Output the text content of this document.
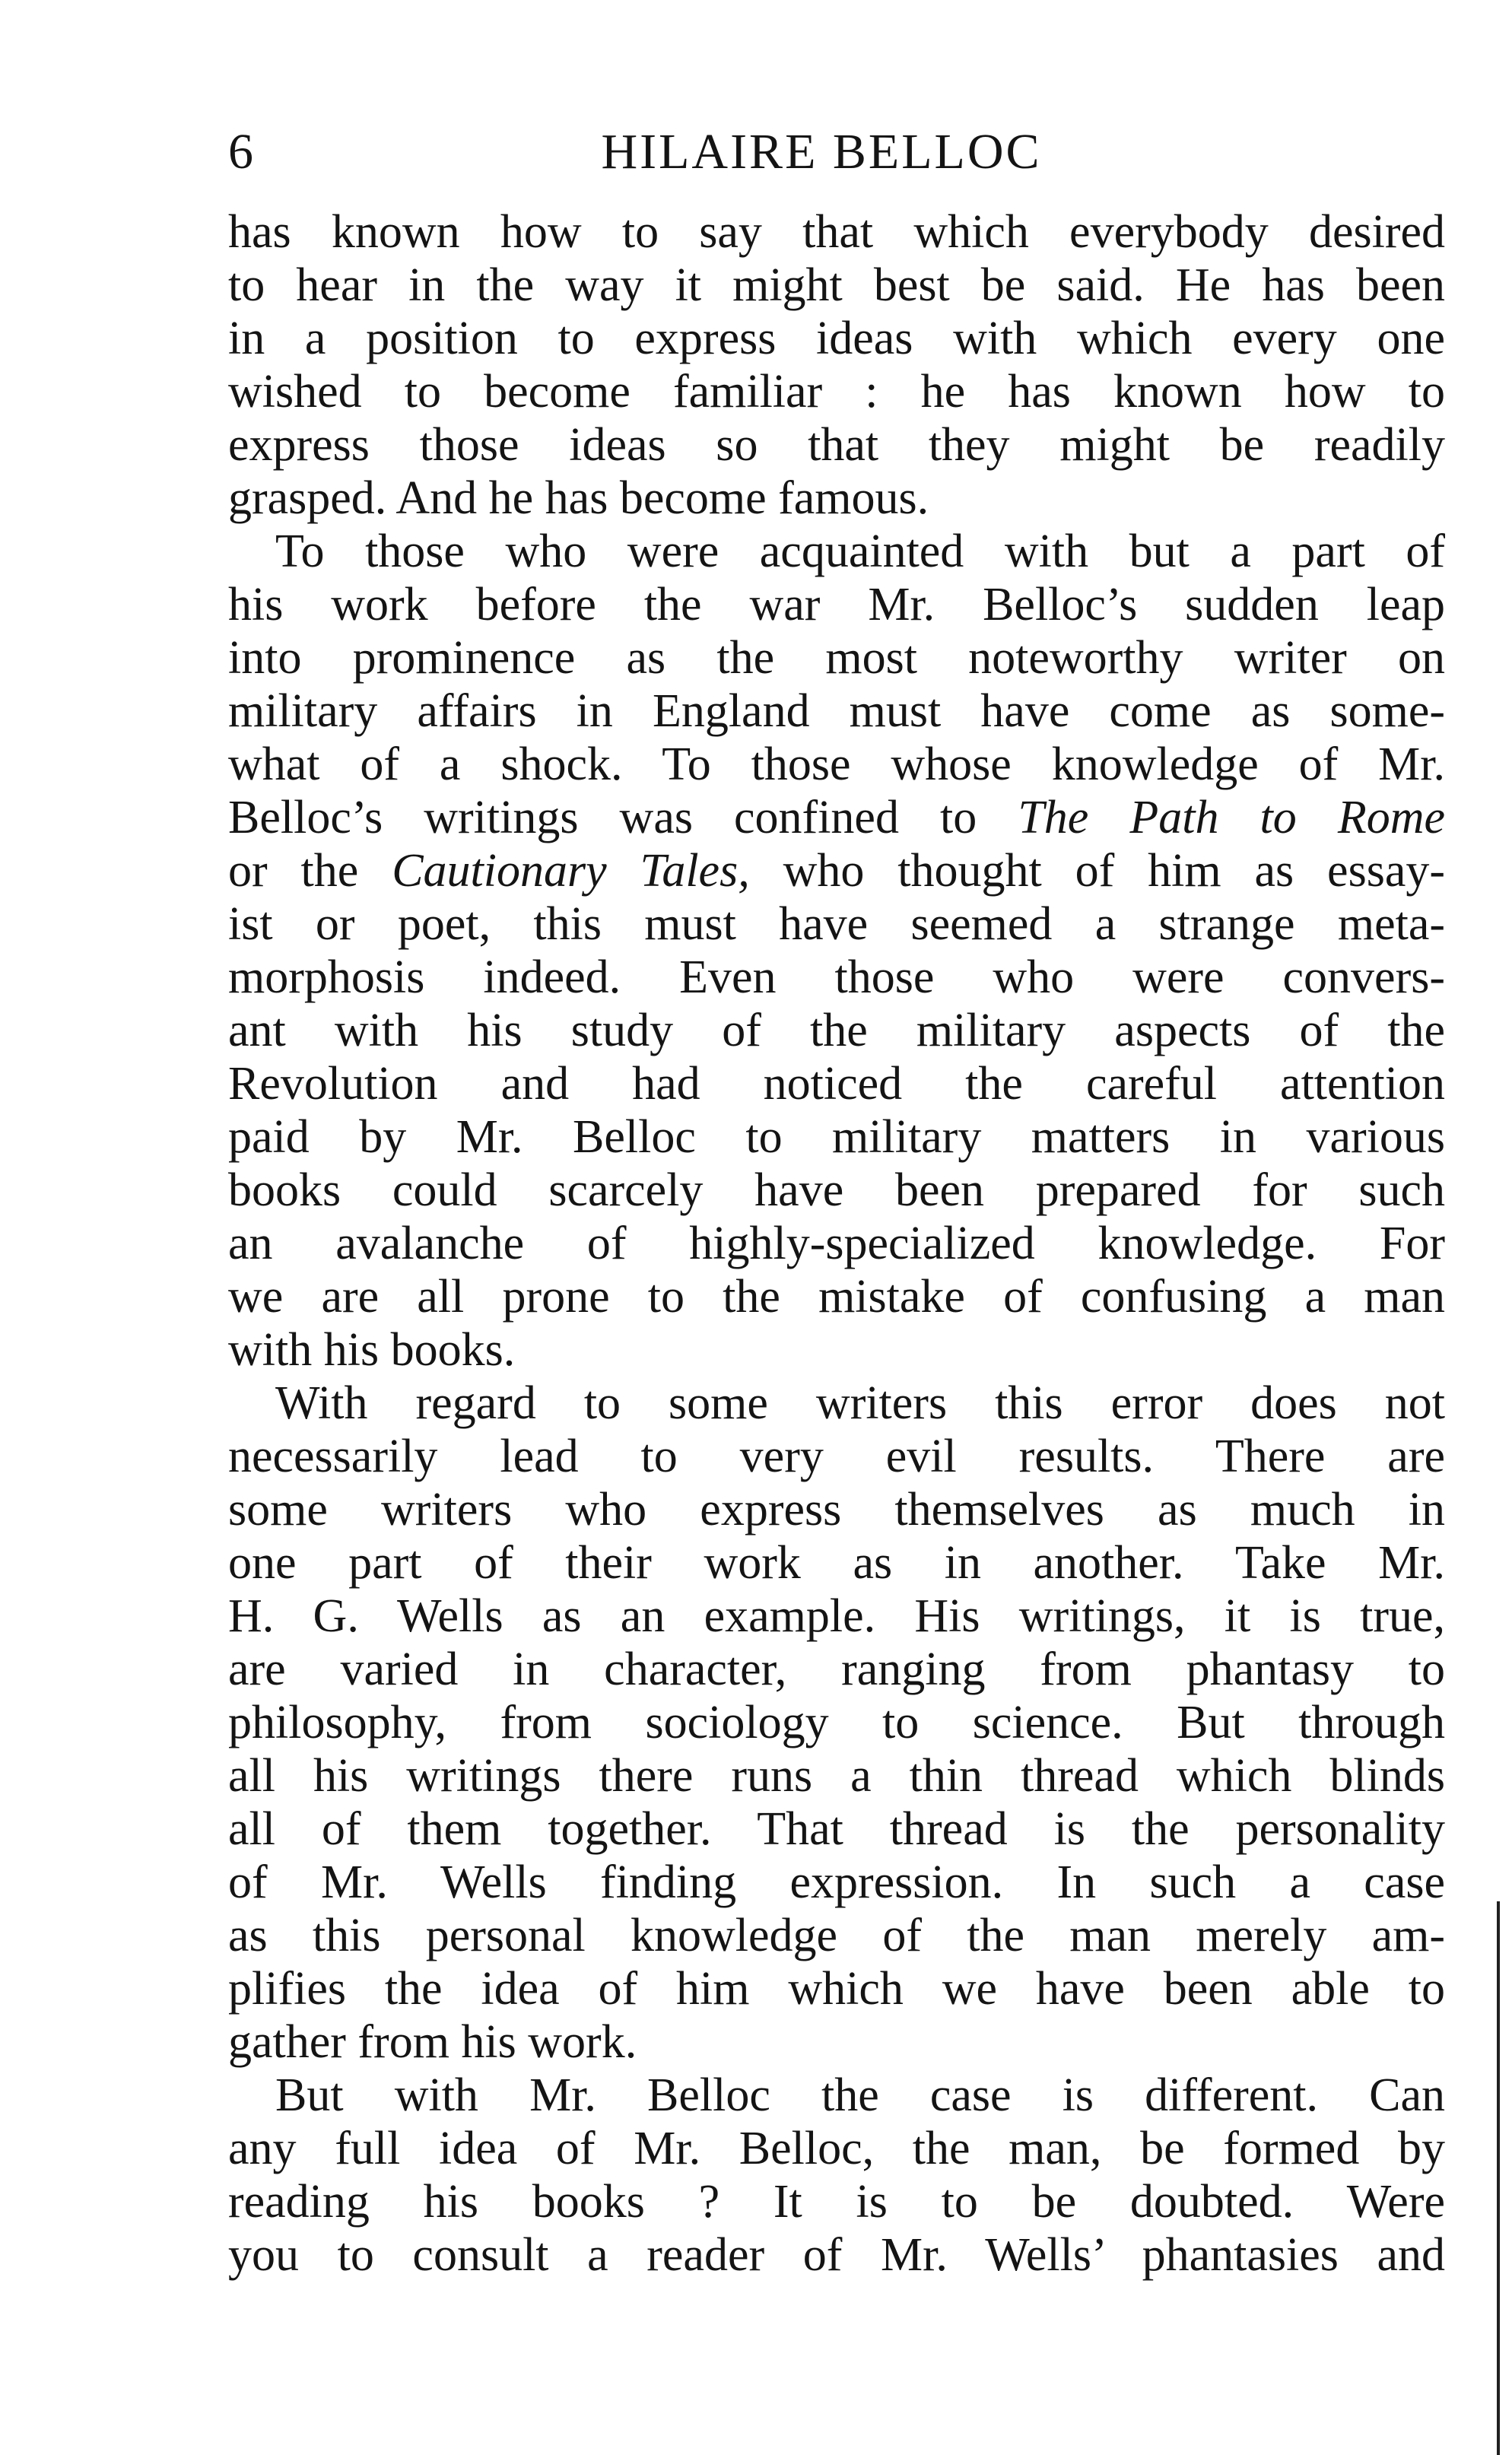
6	HILAIRE BELLOC
has known how to say that which everybody desired
to hear in the way it might best be said. He has been
in a position to express ideas with which every one
wished to become familiar : he has known how to
express those ideas so that they might be readily
grasped. And he has become famous.
To those who were acquainted with but a part of
his work before the war Mr. Belloc’s sudden leap
into prominence as the most noteworthy writer on
military affairs in England must have come as some-
what of a shock. To those whose knowledge of Mr.
Belloc’s writings was confined to The Path to Rome
or the Cautionary Tales, who thought of him as essay-
ist or poet, this must have seemed a strange meta-
morphosis indeed. Even those who were convers-
ant with his study of the military aspects of the
Revolution and had noticed the careful attention
paid by Mr. Belloc to military matters in various
books could scarcely have been prepared for such
an avalanche of highly-specialized knowledge. For
we are all prone to the mistake of confusing a man
with his books.
With regard to some writers this error does not
necessarily lead to very evil results. There are
some writers who express themselves as much in
one part of their work as in another. Take Mr.
H. G. Wells as an example. His writings, it is true,
are varied in character, ranging from phantasy to
philosophy, from sociology to science. But through
all his writings there runs a thin thread which blinds
all of them together. That thread is the personality
of Mr. Wells finding expression. In such a case
as this personal knowledge of the man merely am-
plifies the idea of him which we have been able to
gather from his work.
But with Mr. Belloc the case is different. Can
any full idea of Mr. Belloc, the man, be formed by
reading his books ? It is to be doubted. Were
you to consult a reader of Mr. Wells’ phantasies and
